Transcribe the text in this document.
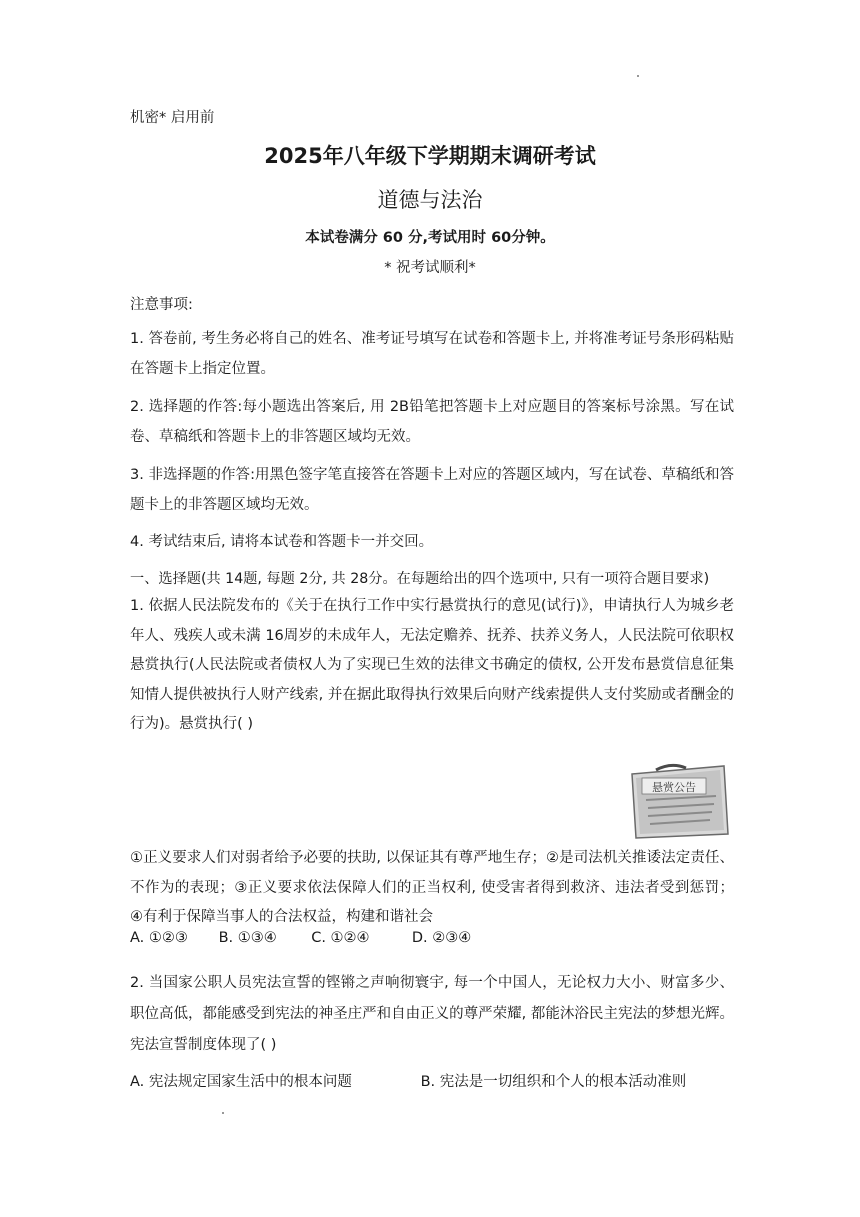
机密* 启用前
2025年八年级下学期期末调研考试
道德与法治
本试卷满分 60 分,考试用时 60分钟。
* 祝考试顺利*
注意事项:
1. 答卷前, 考生务必将自己的姓名、准考证号填写在试卷和答题卡上, 并将准考证号条形码粘贴在答题卡上指定位置。
2. 选择题的作答:每小题选出答案后, 用 2B铅笔把答题卡上对应题目的答案标号涂黑。写在试卷、草稿纸和答题卡上的非答题区域均无效。
3. 非选择题的作答:用黑色签字笔直接答在答题卡上对应的答题区域内，写在试卷、草稿纸和答题卡上的非答题区域均无效。
4. 考试结束后, 请将本试卷和答题卡一并交回。
一、选择题(共 14题, 每题 2分, 共 28分。在每题给出的四个选项中, 只有一项符合题目要求)
1. 依据人民法院发布的《关于在执行工作中实行悬赏执行的意见(试行)》，申请执行人为城乡老年人、残疾人或未满 16周岁的未成年人，无法定赡养、抚养、扶养义务人，人民法院可依职权悬赏执行(人民法院或者债权人为了实现已生效的法律文书确定的债权, 公开发布悬赏信息征集知情人提供被执行人财产线索, 并在据此取得执行效果后向财产线索提供人支付奖励或者酬金的行为)。悬赏执行( )
悬赏公告
①正义要求人们对弱者给予必要的扶助, 以保证其有尊严地生存；②是司法机关推诿法定责任、不作为的表现；③正义要求依法保障人们的正当权利, 使受害者得到救济、违法者受到惩罚； ④有利于保障当事人的合法权益，构建和谐社会
A. ①②③ B. ①③④ C. ①②④	D. ②③④
2. 当国家公职人员宪法宣誓的铿锵之声响彻寰宇, 每一个中国人，无论权力大小、财富多少、职位高低，都能感受到宪法的神圣庄严和自由正义的尊严荣耀, 都能沐浴民主宪法的梦想光辉。宪法宣誓制度体现了( )
A. 宪法规定国家生活中的根本问题	B. 宪法是一切组织和个人的根本活动准则
